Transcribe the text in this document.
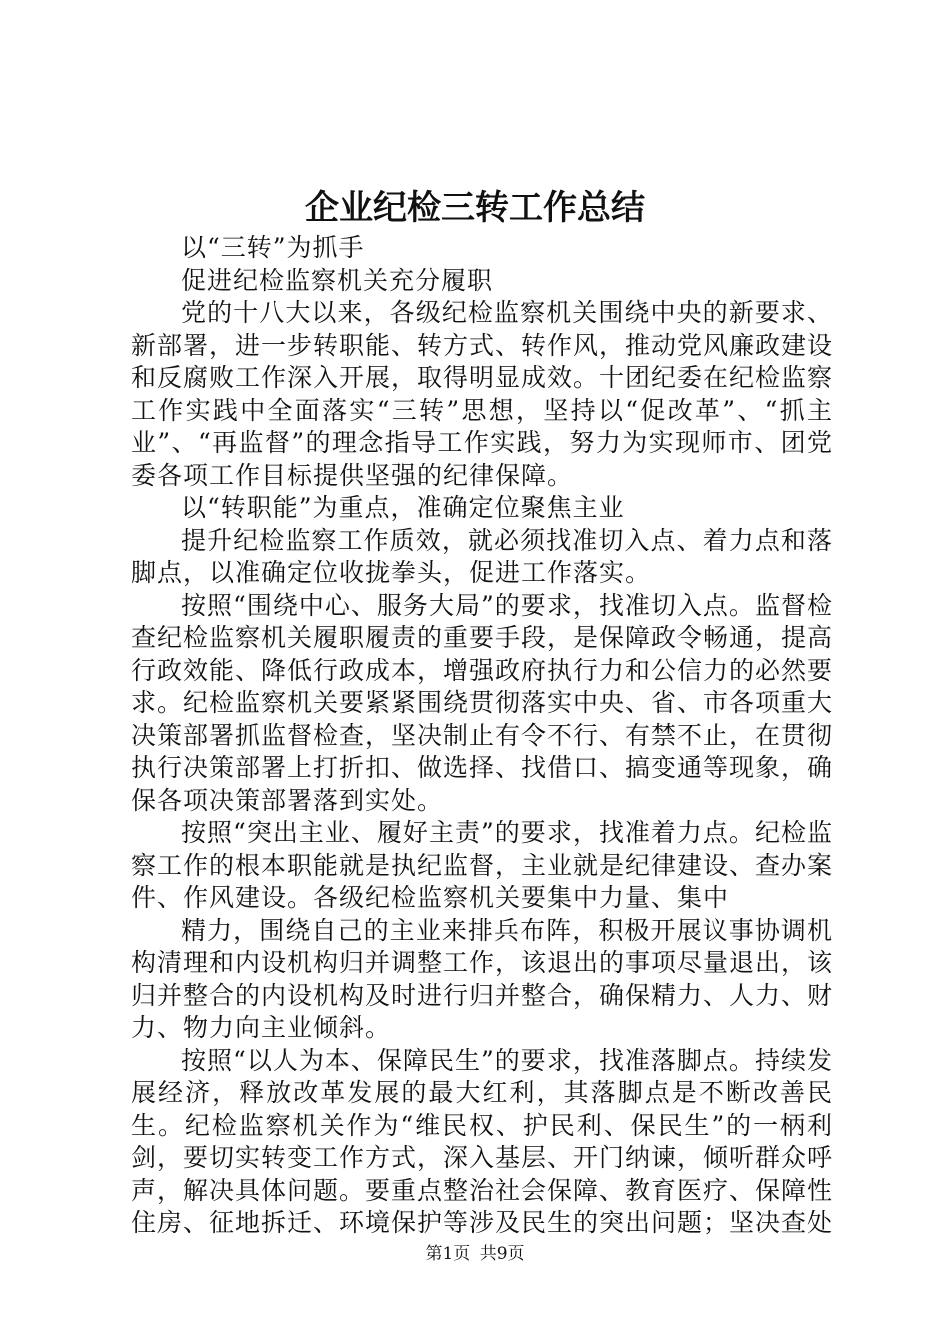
企业纪检三转工作总结

以“三转”为抓手

促进纪检监察机关充分履职

党的十八大以来，各级纪检监察机关围绕中央的新要求、新部署，进一步转职能、转方式、转作风，推动党风廉政建设和反腐败工作深入开展，取得明显成效。十团纪委在纪检监察工作实践中全面落实“三转”思想，坚持以“促改革”、“抓主业”、“再监督”的理念指导工作实践，努力为实现师市、团党委各项工作目标提供坚强的纪律保障。

以“转职能”为重点，准确定位聚焦主业

提升纪检监察工作质效，就必须找准切入点、着力点和落脚点，以准确定位收拢拳头，促进工作落实。

按照“围绕中心、服务大局”的要求，找准切入点。监督检查纪检监察机关履职履责的重要手段，是保障政令畅通，提高行政效能、降低行政成本，增强政府执行力和公信力的必然要求。纪检监察机关要紧紧围绕贯彻落实中央、省、市各项重大决策部署抓监督检查，坚决制止有令不行、有禁不止，在贯彻执行决策部署上打折扣、做选择、找借口、搞变通等现象，确保各项决策部署落到实处。

按照“突出主业、履好主责”的要求，找准着力点。纪检监察工作的根本职能就是执纪监督，主业就是纪律建设、查办案件、作风建设。各级纪检监察机关要集中力量、集中

精力，围绕自己的主业来排兵布阵，积极开展议事协调机构清理和内设机构归并调整工作，该退出的事项尽量退出，该归并整合的内设机构及时进行归并整合，确保精力、人力、财力、物力向主业倾斜。

按照“以人为本、保障民生”的要求，找准落脚点。持续发展经济，释放改革发展的最大红利，其落脚点是不断改善民生。纪检监察机关作为“维民权、护民利、保民生”的一柄利剑，要切实转变工作方式，深入基层、开门纳谏，倾听群众呼声，解决具体问题。要重点整治社会保障、教育医疗、保障性住房、征地拆迁、环境保护等涉及民生的突出问题；坚决查处

第1页 共9页
